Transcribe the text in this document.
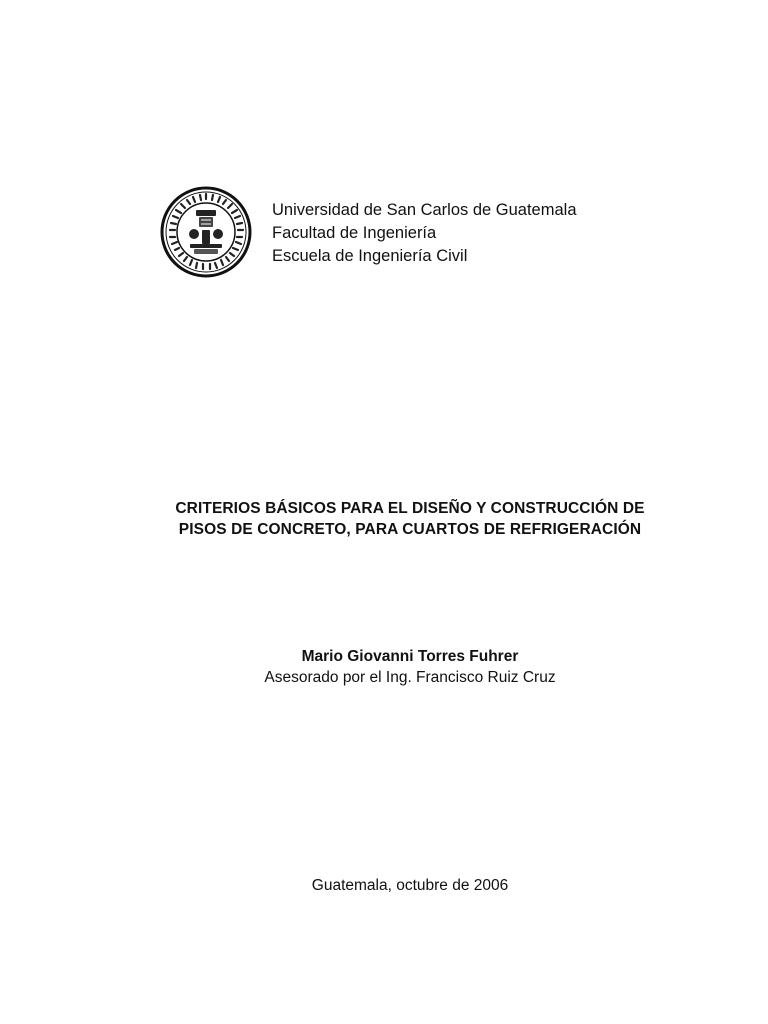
Universidad de San Carlos de Guatemala
Facultad de Ingeniería
Escuela de Ingeniería Civil
CRITERIOS BÁSICOS PARA EL DISEÑO Y CONSTRUCCIÓN DE
PISOS DE CONCRETO, PARA CUARTOS DE REFRIGERACIÓN
Mario Giovanni Torres Fuhrer
Asesorado por el Ing. Francisco Ruiz Cruz
Guatemala, octubre de 2006
